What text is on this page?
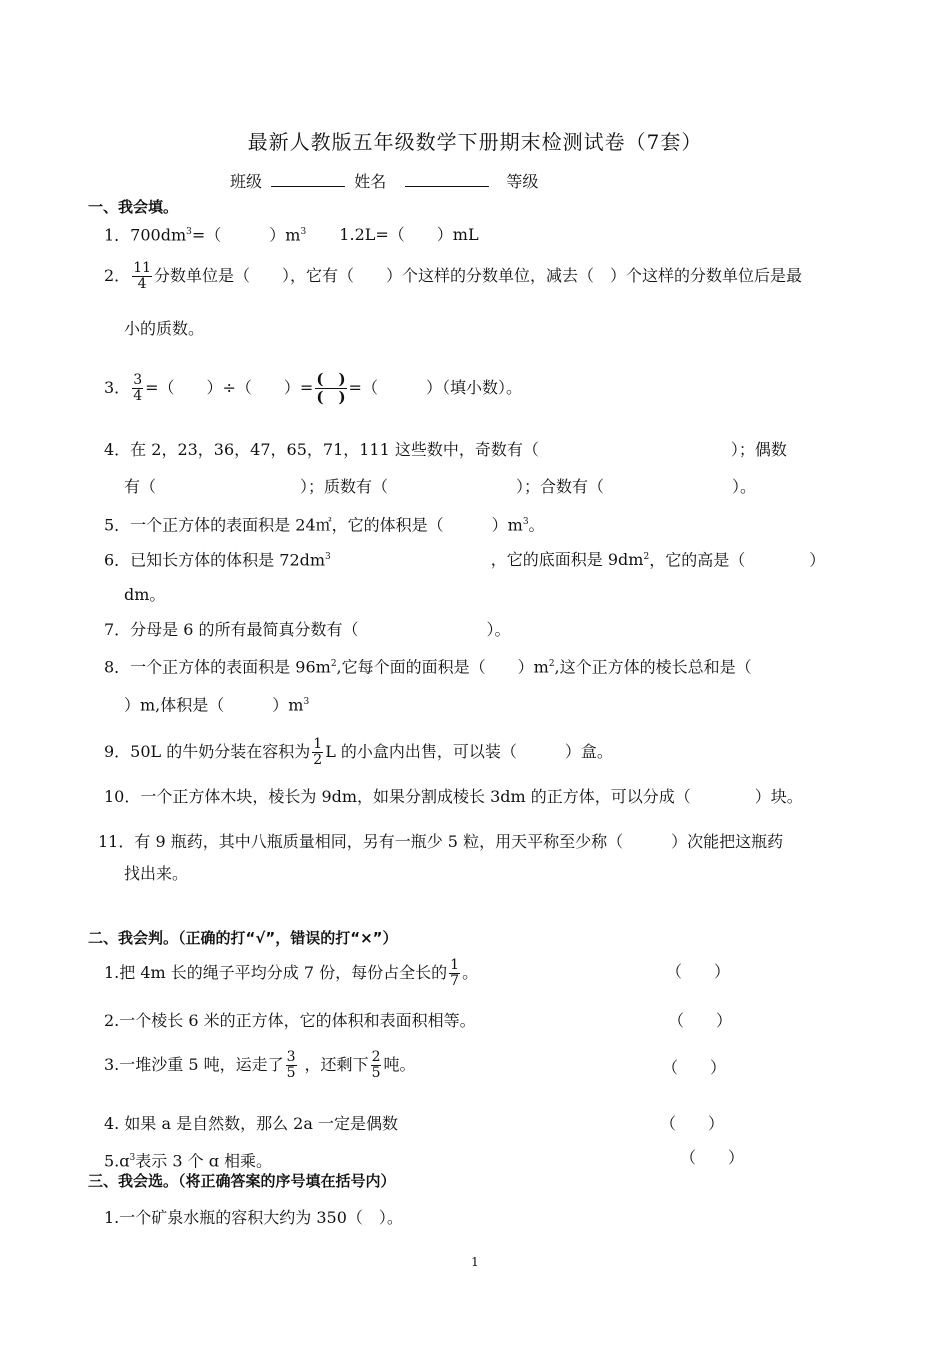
最新人教版五年级数学下册期末检测试卷（7套）
班级	姓名	等级
一、我会填。
1．$700dm^3=$（　　　）$m^3$ 1.2L=（　　）mL
2． $\frac{11}{4}$ 分数单位是（　　），它有（　　）个这样的分数单位，减去（　）个这样的分数单位后是最
小的质数。
3． $\frac{3}{4}$ =（　　）÷（　　）= $\frac{( )}{( )}$ =（　　　）（填小数）。
4．在 2，23，36，47，65，71，111 这些数中，奇数有（　　　　　　　　　　　　）；偶数
有（　　　　　　　　　）；质数有（　　　　　　　　）；合数有（　　　　　　　　）。
5．一个正方体的表面积是 24㎡，它的体积是（　　　）$m^3$。
6．已知长方体的体积是 $72dm^3$	，它的底面积是 $9dm^2$，它的高是（　　　　）
dm。
7．分母是 6 的所有最简真分数有（　　　　　　　　）。
8．一个正方体的表面积是 $96m^2$,它每个面的面积是（　　）$m^2$,这个正方体的棱长总和是（
）m,体积是（　　　）$m^3$
9．50L 的牛奶分装在容积为 $\frac{1}{2}$ L 的小盒内出售，可以装（　　　）盒。
10．一个正方体木块，棱长为 9dm，如果分割成棱长 3dm 的正方体，可以分成（　　　　）块。
11．有 9 瓶药，其中八瓶质量相同，另有一瓶少 5 粒，用天平称至少称（　　　）次能把这瓶药
找出来。
二、我会判。（正确的打“√”，错误的打“×”）
1.把 4m 长的绳子平均分成 7 份，每份占全长的 $\frac{1}{7}$ 。	（　　）
2.一个棱长 6 米的正方体，它的体积和表面积相等。	（　　）
3.一堆沙重 5 吨，运走了 $\frac{3}{5}$ ，还剩下 $\frac{2}{5}$ 吨。	（　　）
4. 如果 a 是自然数，那么 2a 一定是偶数	（　　）
5.ɑ$^3$表示 3 个 ɑ 相乘。	（　　）
三、我会选。（将正确答案的序号填在括号内）
1.一个矿泉水瓶的容积大约为 350（　）。
1
